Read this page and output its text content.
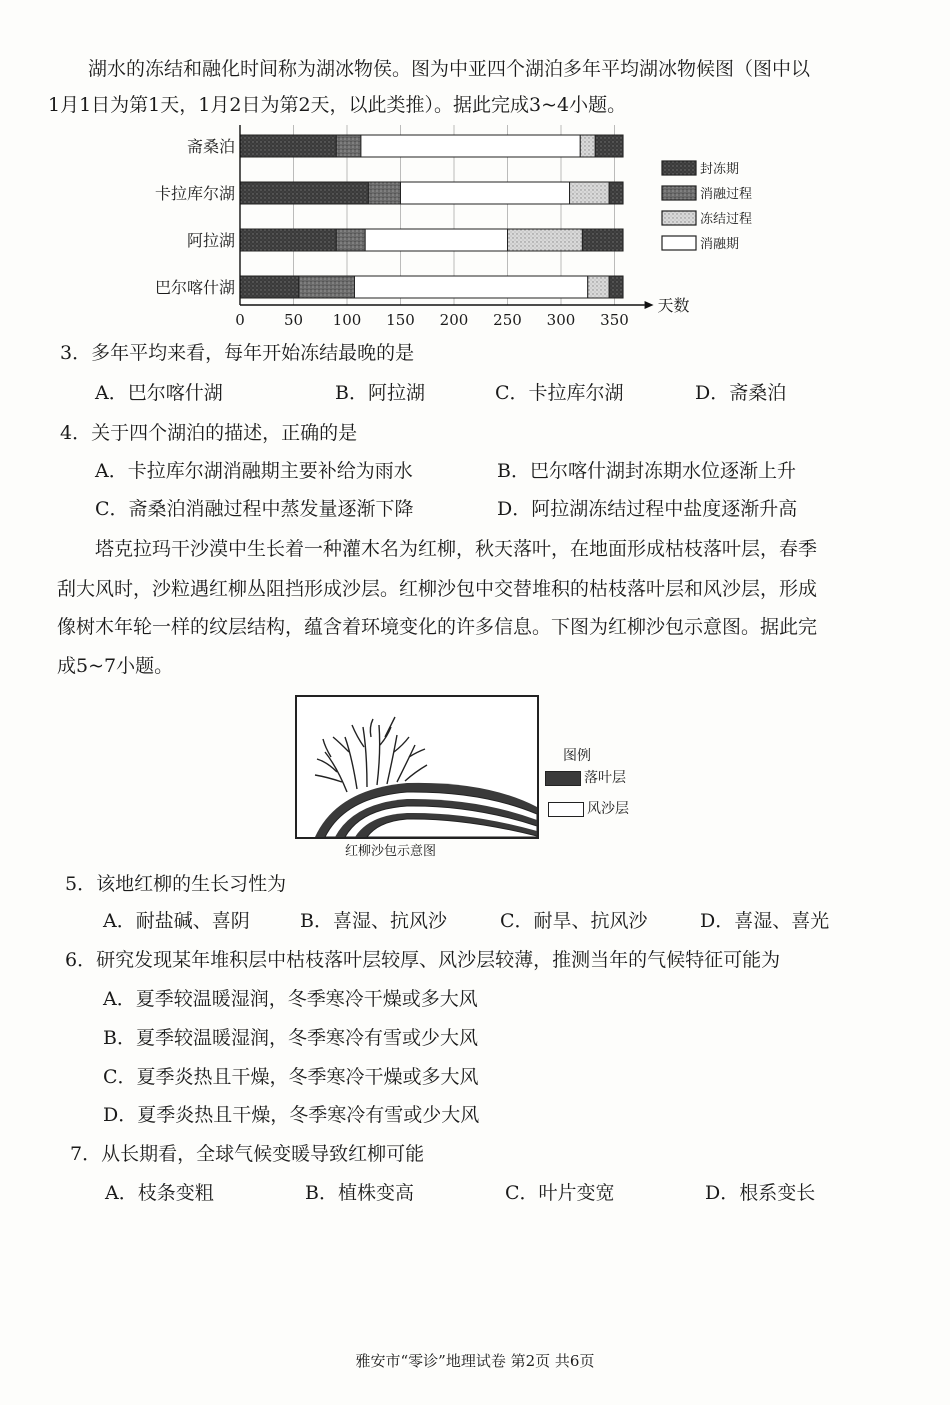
湖水的冻结和融化时间称为湖冰物侯。图为中亚四个湖泊多年平均湖冰物候图（图中以
1月1日为第1天，1月2日为第2天，以此类推）。据此完成3~4小题。
斋桑泊
卡拉库尔湖
阿拉湖
巴尔喀什湖
0	50 100 150 200 250 300 350
天数
封冻期
消融过程
冻结过程
消融期
3．多年平均来看，每年开始冻结最晚的是
A．巴尔喀什湖	B．阿拉湖	C．卡拉库尔湖	D．斋桑泊
4．关于四个湖泊的描述，正确的是
A．卡拉库尔湖消融期主要补给为雨水	B．巴尔喀什湖封冻期水位逐渐上升
C．斋桑泊消融过程中蒸发量逐渐下降	D．阿拉湖冻结过程中盐度逐渐升高
塔克拉玛干沙漠中生长着一种灌木名为红柳，秋天落叶，在地面形成枯枝落叶层，春季
刮大风时，沙粒遇红柳丛阻挡形成沙层。红柳沙包中交替堆积的枯枝落叶层和风沙层，形成
像树木年轮一样的纹层结构，蕴含着环境变化的许多信息。下图为红柳沙包示意图。据此完
成5~7小题。
图例
落叶层
风沙层
红柳沙包示意图
5．该地红柳的生长习性为
A．耐盐碱、喜阴	B．喜湿、抗风沙	C．耐旱、抗风沙	D．喜湿、喜光
6．研究发现某年堆积层中枯枝落叶层较厚、风沙层较薄，推测当年的气候特征可能为
A．夏季较温暖湿润，冬季寒冷干燥或多大风
B．夏季较温暖湿润，冬季寒冷有雪或少大风
C．夏季炎热且干燥，冬季寒冷干燥或多大风
D．夏季炎热且干燥，冬季寒冷有雪或少大风
7．从长期看，全球气候变暖导致红柳可能
A．枝条变粗	B．植株变高	C．叶片变宽	D．根系变长
雅安市“零诊”地理试卷 第2页 共6页
